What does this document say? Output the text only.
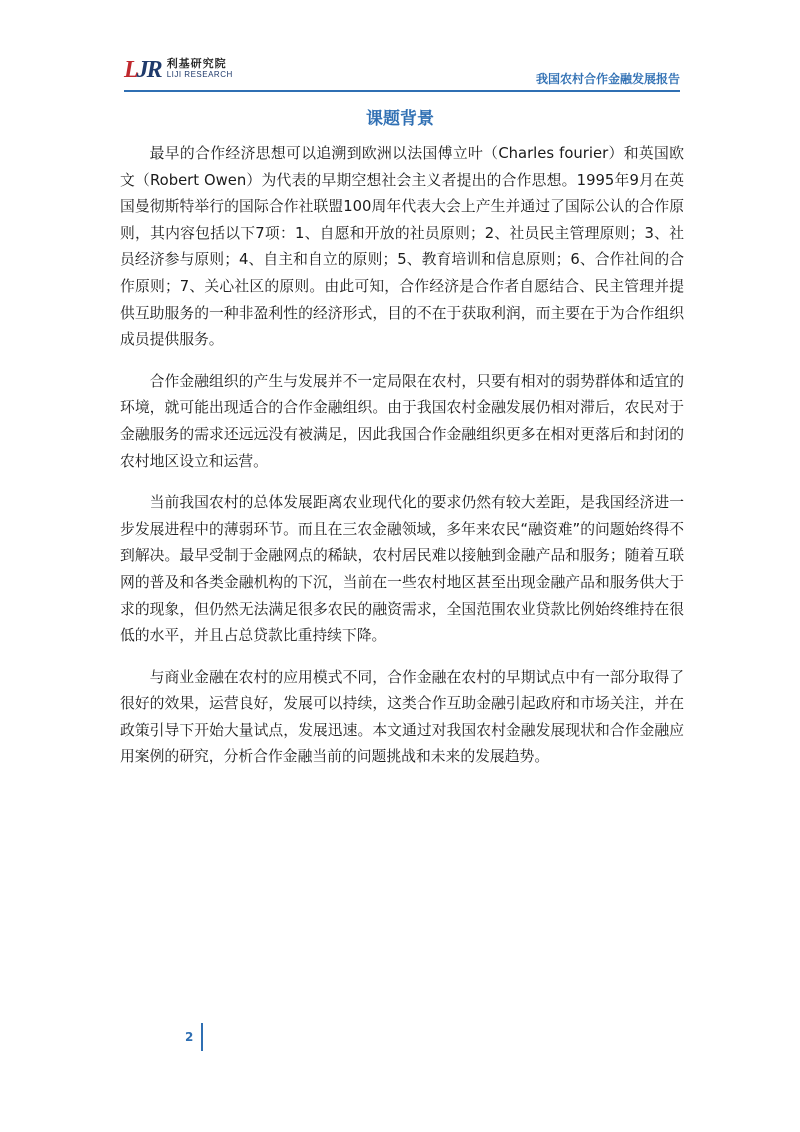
LJR 利基研究院
LIJI RESEARCH	我国农村合作金融发展报告
课题背景

最早的合作经济思想可以追溯到欧洲以法国傅立叶（Charles fourier）和英国欧文（Robert Owen）为代表的早期空想社会主义者提出的合作思想。1995年9月在英国曼彻斯特举行的国际合作社联盟100周年代表大会上产生并通过了国际公认的合作原则，其内容包括以下7项：1、自愿和开放的社员原则；2、社员民主管理原则；3、社员经济参与原则；4、自主和自立的原则；5、教育培训和信息原则；6、合作社间的合作原则；7、关心社区的原则。由此可知，合作经济是合作者自愿结合、民主管理并提供互助服务的一种非盈利性的经济形式，目的不在于获取利润，而主要在于为合作组织成员提供服务。

合作金融组织的产生与发展并不一定局限在农村，只要有相对的弱势群体和适宜的环境，就可能出现适合的合作金融组织。由于我国农村金融发展仍相对滞后，农民对于金融服务的需求还远远没有被满足，因此我国合作金融组织更多在相对更落后和封闭的农村地区设立和运营。

当前我国农村的总体发展距离农业现代化的要求仍然有较大差距，是我国经济进一步发展进程中的薄弱环节。而且在三农金融领域，多年来农民“融资难”的问题始终得不到解决。最早受制于金融网点的稀缺，农村居民难以接触到金融产品和服务；随着互联网的普及和各类金融机构的下沉，当前在一些农村地区甚至出现金融产品和服务供大于求的现象，但仍然无法满足很多农民的融资需求，全国范围农业贷款比例始终维持在很低的水平，并且占总贷款比重持续下降。

与商业金融在农村的应用模式不同，合作金融在农村的早期试点中有一部分取得了很好的效果，运营良好，发展可以持续，这类合作互助金融引起政府和市场关注，并在政策引导下开始大量试点，发展迅速。本文通过对我国农村金融发展现状和合作金融应用案例的研究，分析合作金融当前的问题挑战和未来的发展趋势。

2
